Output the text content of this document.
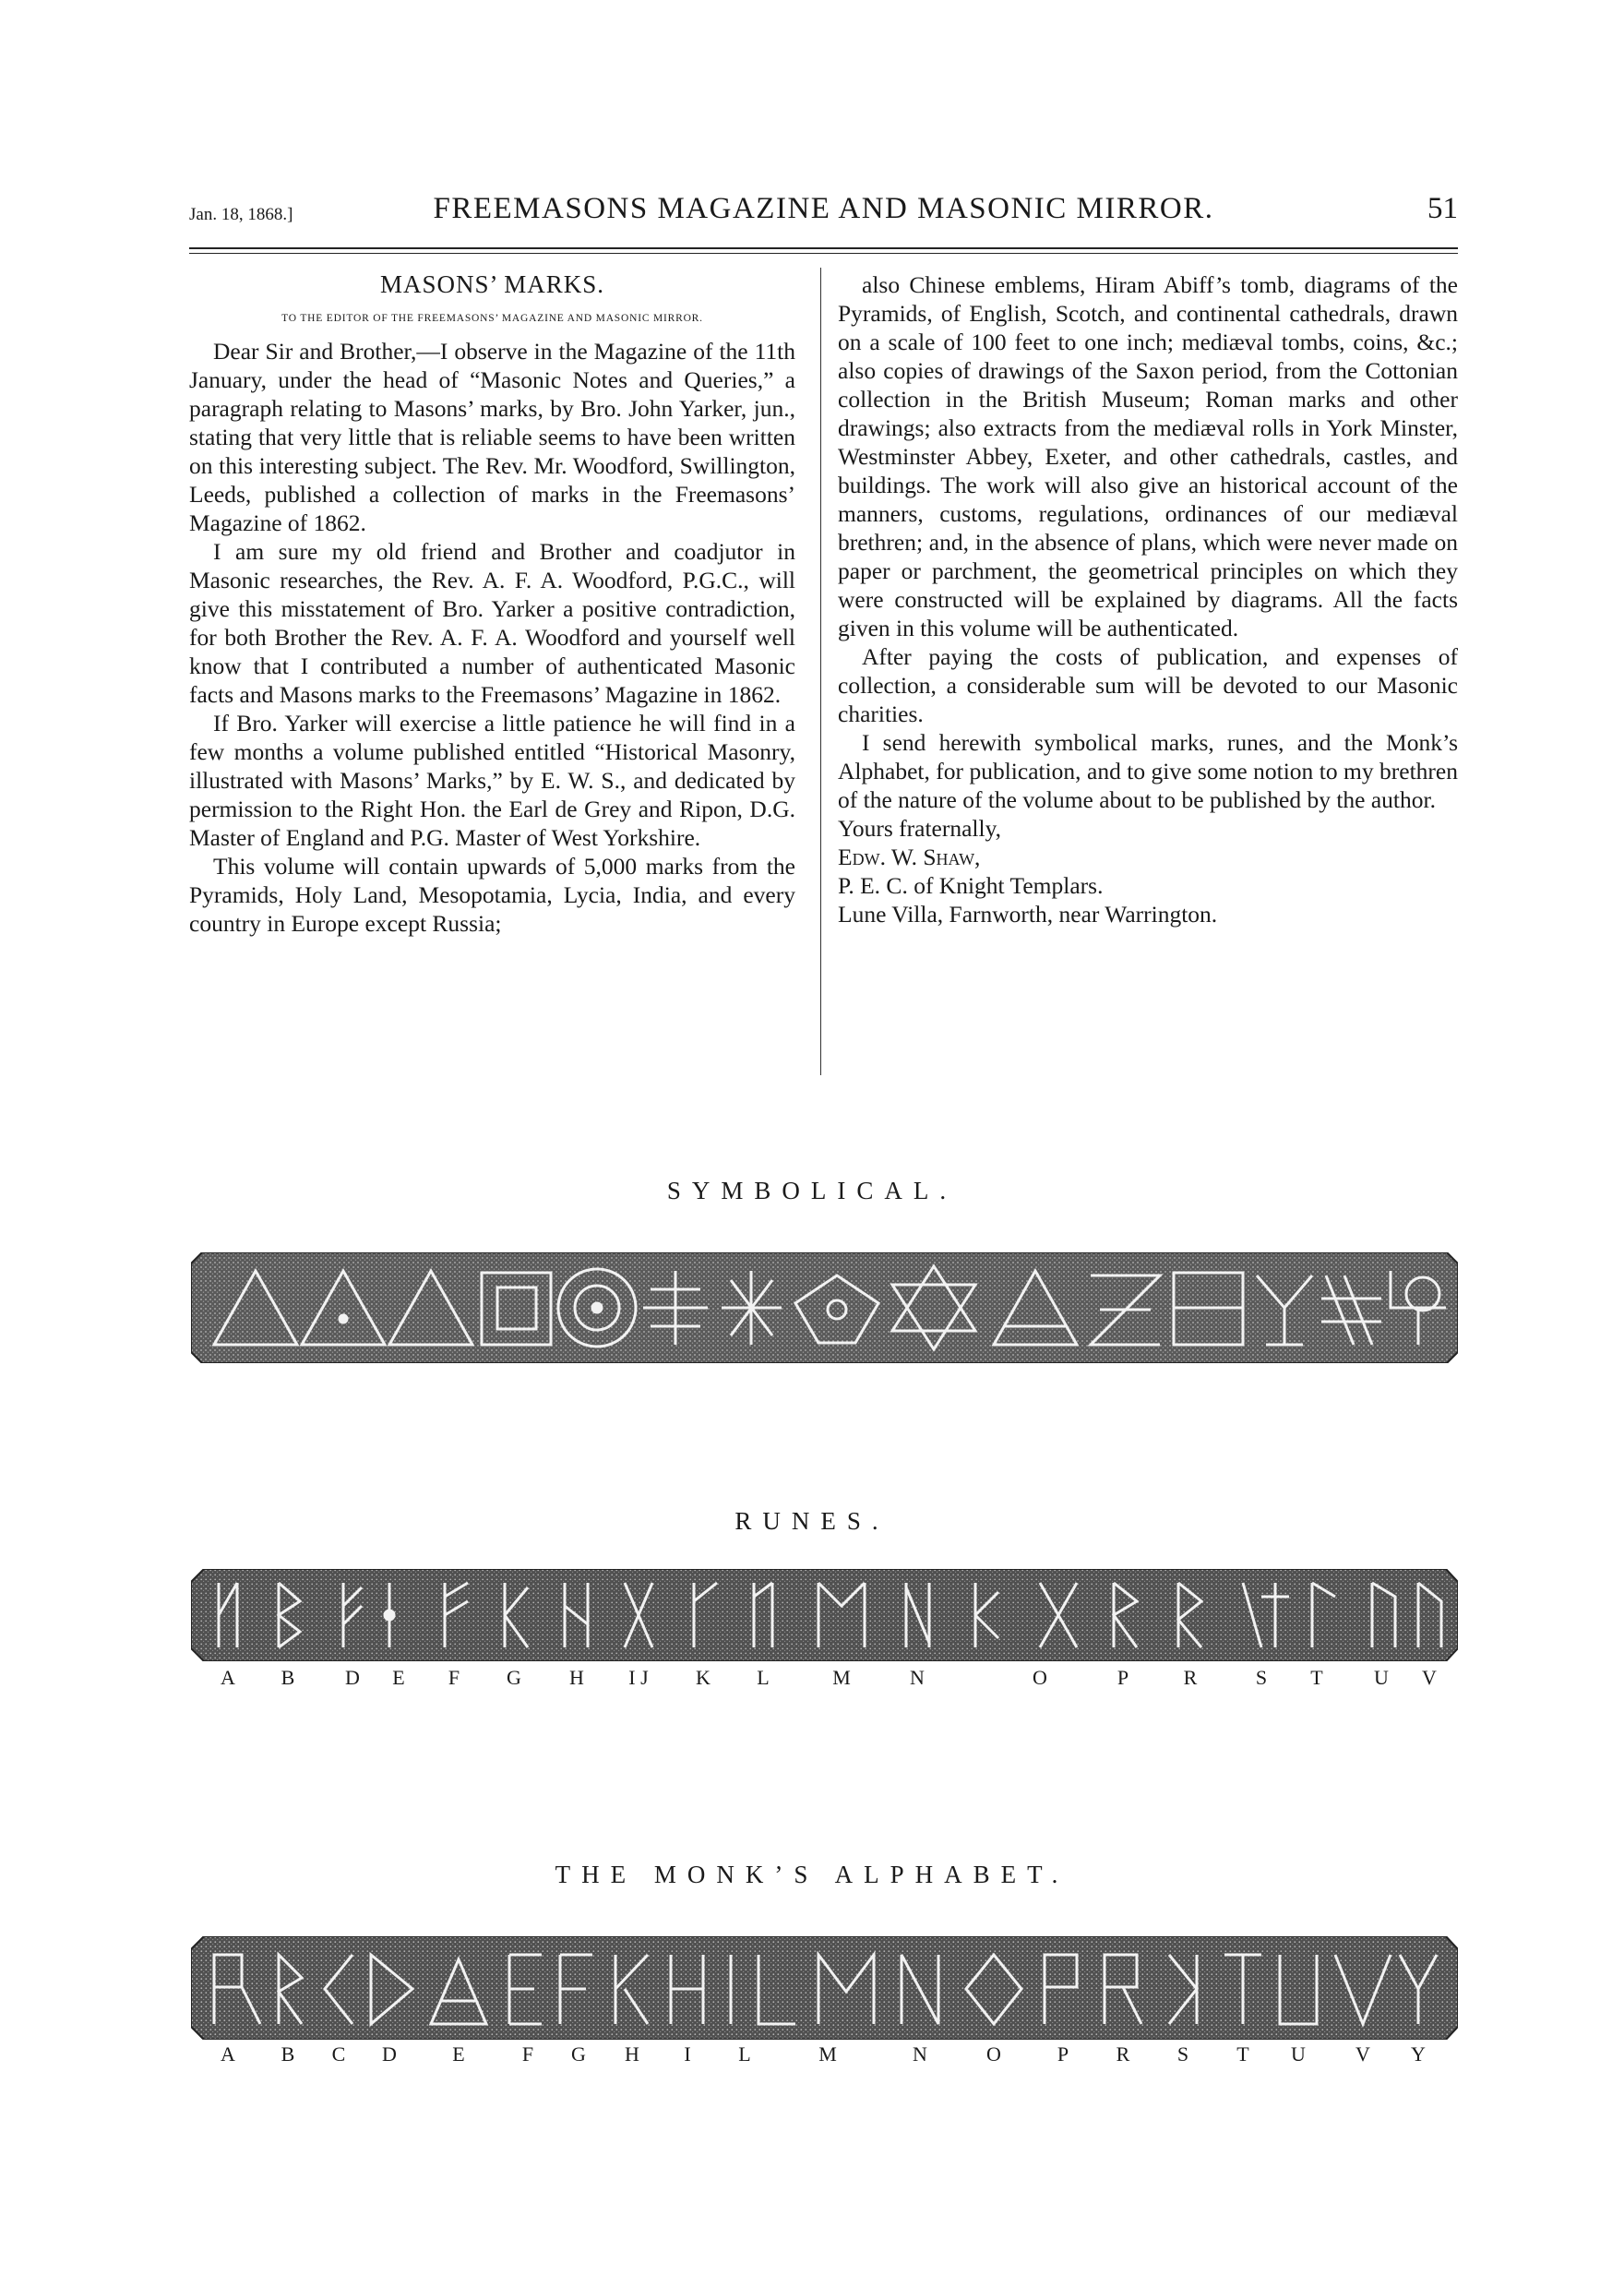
Jan. 18, 1868.]	FREEMASONS MAGAZINE AND MASONIC MIRROR.	51
MASONS’ MARKS.
TO THE EDITOR OF THE FREEMASONS’ MAGAZINE AND MASONIC MIRROR.

Dear Sir and Brother,—I observe in the Magazine of the 11th January, under the head of “Masonic Notes and Queries,” a paragraph relating to Masons’ marks, by Bro. John Yarker, jun., stating that very little that is reliable seems to have been written on this interesting subject. The Rev. Mr. Woodford, Swillington, Leeds, published a collection of marks in the Freemasons’ Magazine of 1862.

I am sure my old friend and Brother and coadjutor in Masonic researches, the Rev. A. F. A. Woodford, P.G.C., will give this misstatement of Bro. Yarker a positive contradiction, for both Brother the Rev. A. F. A. Woodford and yourself well know that I contributed a number of authenticated Masonic facts and Masons marks to the Freemasons’ Magazine in 1862.

If Bro. Yarker will exercise a little patience he will find in a few months a volume published entitled “Historical Masonry, illustrated with Masons’ Marks,” by E. W. S., and dedicated by permission to the Right Hon. the Earl de Grey and Ripon, D.G. Master of England and P.G. Master of West Yorkshire.

This volume will contain upwards of 5,000 marks from the Pyramids, Holy Land, Mesopotamia, Lycia, India, and every country in Europe except Russia;

also Chinese emblems, Hiram Abiff’s tomb, diagrams of the Pyramids, of English, Scotch, and continental cathedrals, drawn on a scale of 100 feet to one inch; mediæval tombs, coins, &c.; also copies of drawings of the Saxon period, from the Cottonian collection in the British Museum; Roman marks and other drawings; also extracts from the mediæval rolls in York Minster, Westminster Abbey, Exeter, and other cathedrals, castles, and buildings. The work will also give an historical account of the manners, customs, regulations, ordinances of our mediæval brethren; and, in the absence of plans, which were never made on paper or parchment, the geometrical principles on which they were constructed will be explained by diagrams. All the facts given in this volume will be authenticated.

After paying the costs of publication, and expenses of collection, a considerable sum will be devoted to our Masonic charities.

I send herewith symbolical marks, runes, and the Monk’s Alphabet, for publication, and to give some notion to my brethren of the nature of the volume about to be published by the author.

Yours fraternally,

Edw. W. Shaw,

P. E. C. of Knight Templars.

Lune Villa, Farnworth, near Warrington.

SYMBOLICAL.
RUNES.
A B D E F G H I J K L	M	N	O	P	R	S T	U V
THE MONK’S ALPHABET.
A B C D	E	F G H I L	M	N	O	P R S T U V Y
